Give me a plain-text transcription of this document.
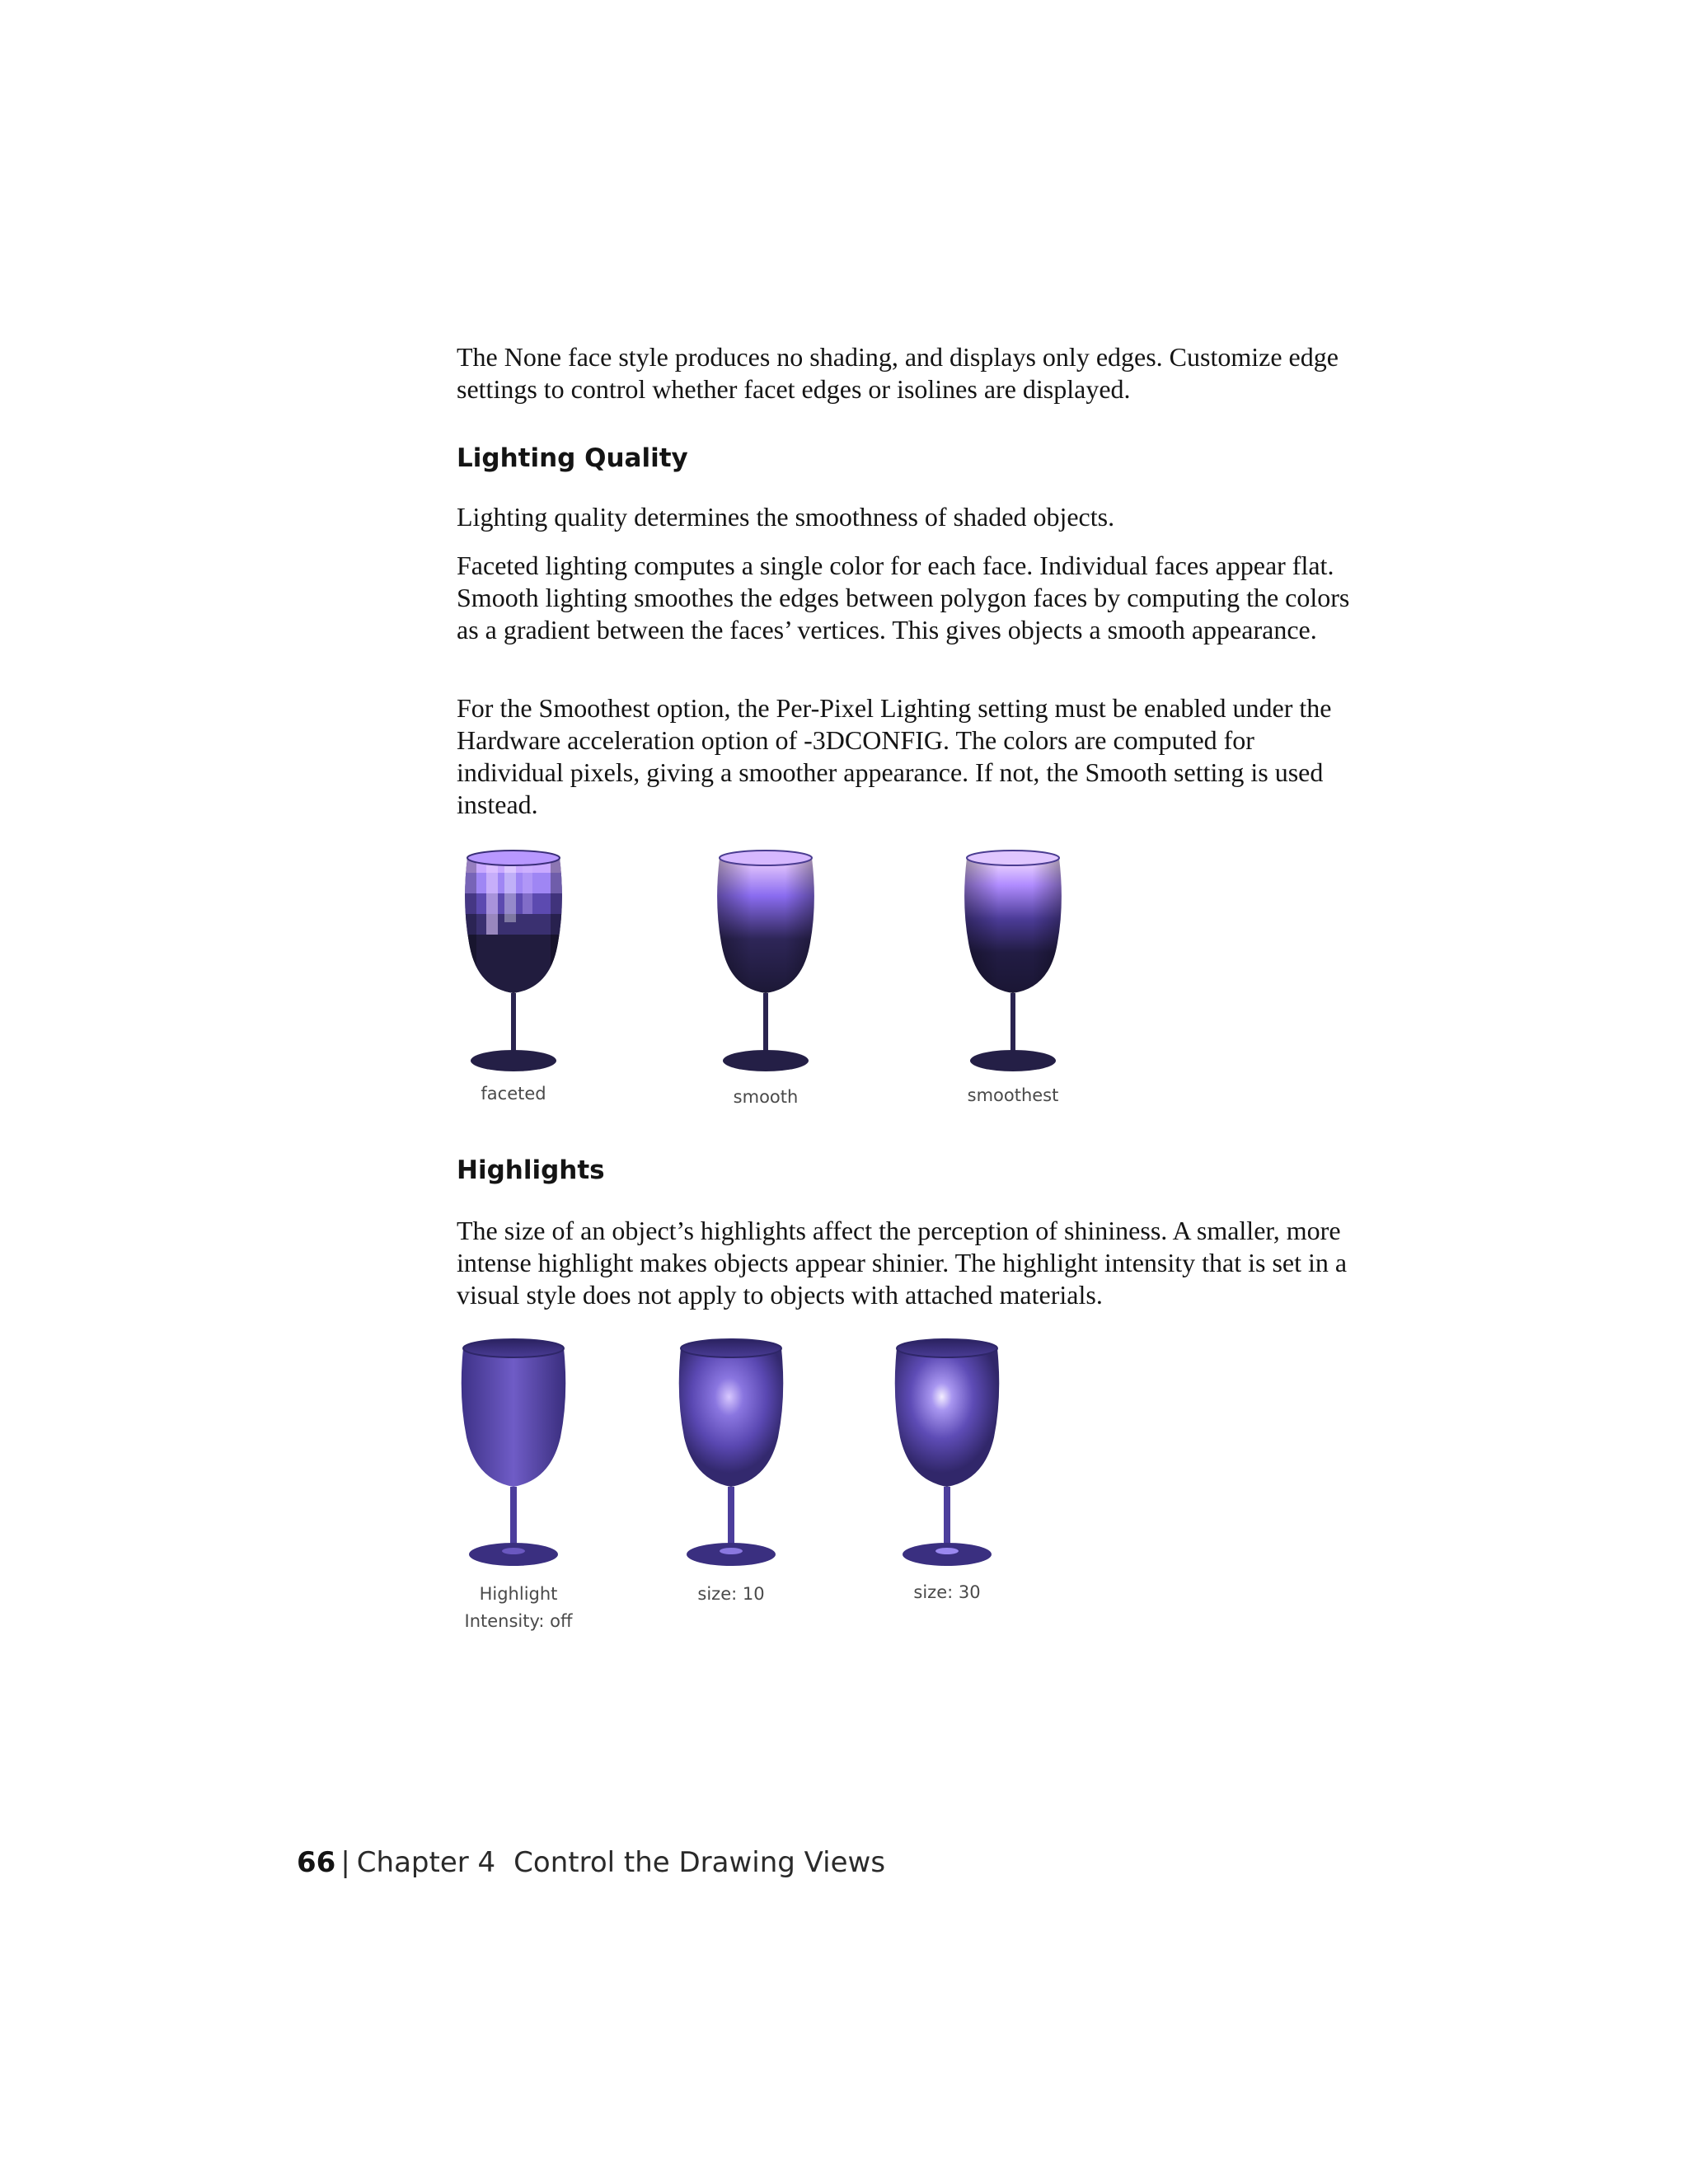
The None face style produces no shading, and displays only edges. Customize edge settings to control whether facet edges or isolines are displayed.

Lighting Quality

Lighting quality determines the smoothness of shaded objects.

Faceted lighting computes a single color for each face. Individual faces appear flat. Smooth lighting smoothes the edges between polygon faces by computing the colors as a gradient between the faces’ vertices. This gives objects a smooth appearance.

For the Smoothest option, the Per-Pixel Lighting setting must be enabled under the Hardware acceleration option of -3DCONFIG. The colors are computed for individual pixels, giving a smoother appearance. If not, the Smooth setting is used instead.

faceted	smooth	smoothest
Highlights

The size of an object’s highlights affect the perception of shininess. A smaller, more intense highlight makes objects appear shinier. The highlight intensity that is set in a visual style does not apply to objects with attached materials.

Highlight
Intensity: off
size: 10	size: 30
66 | Chapter 4 Control the Drawing Views
